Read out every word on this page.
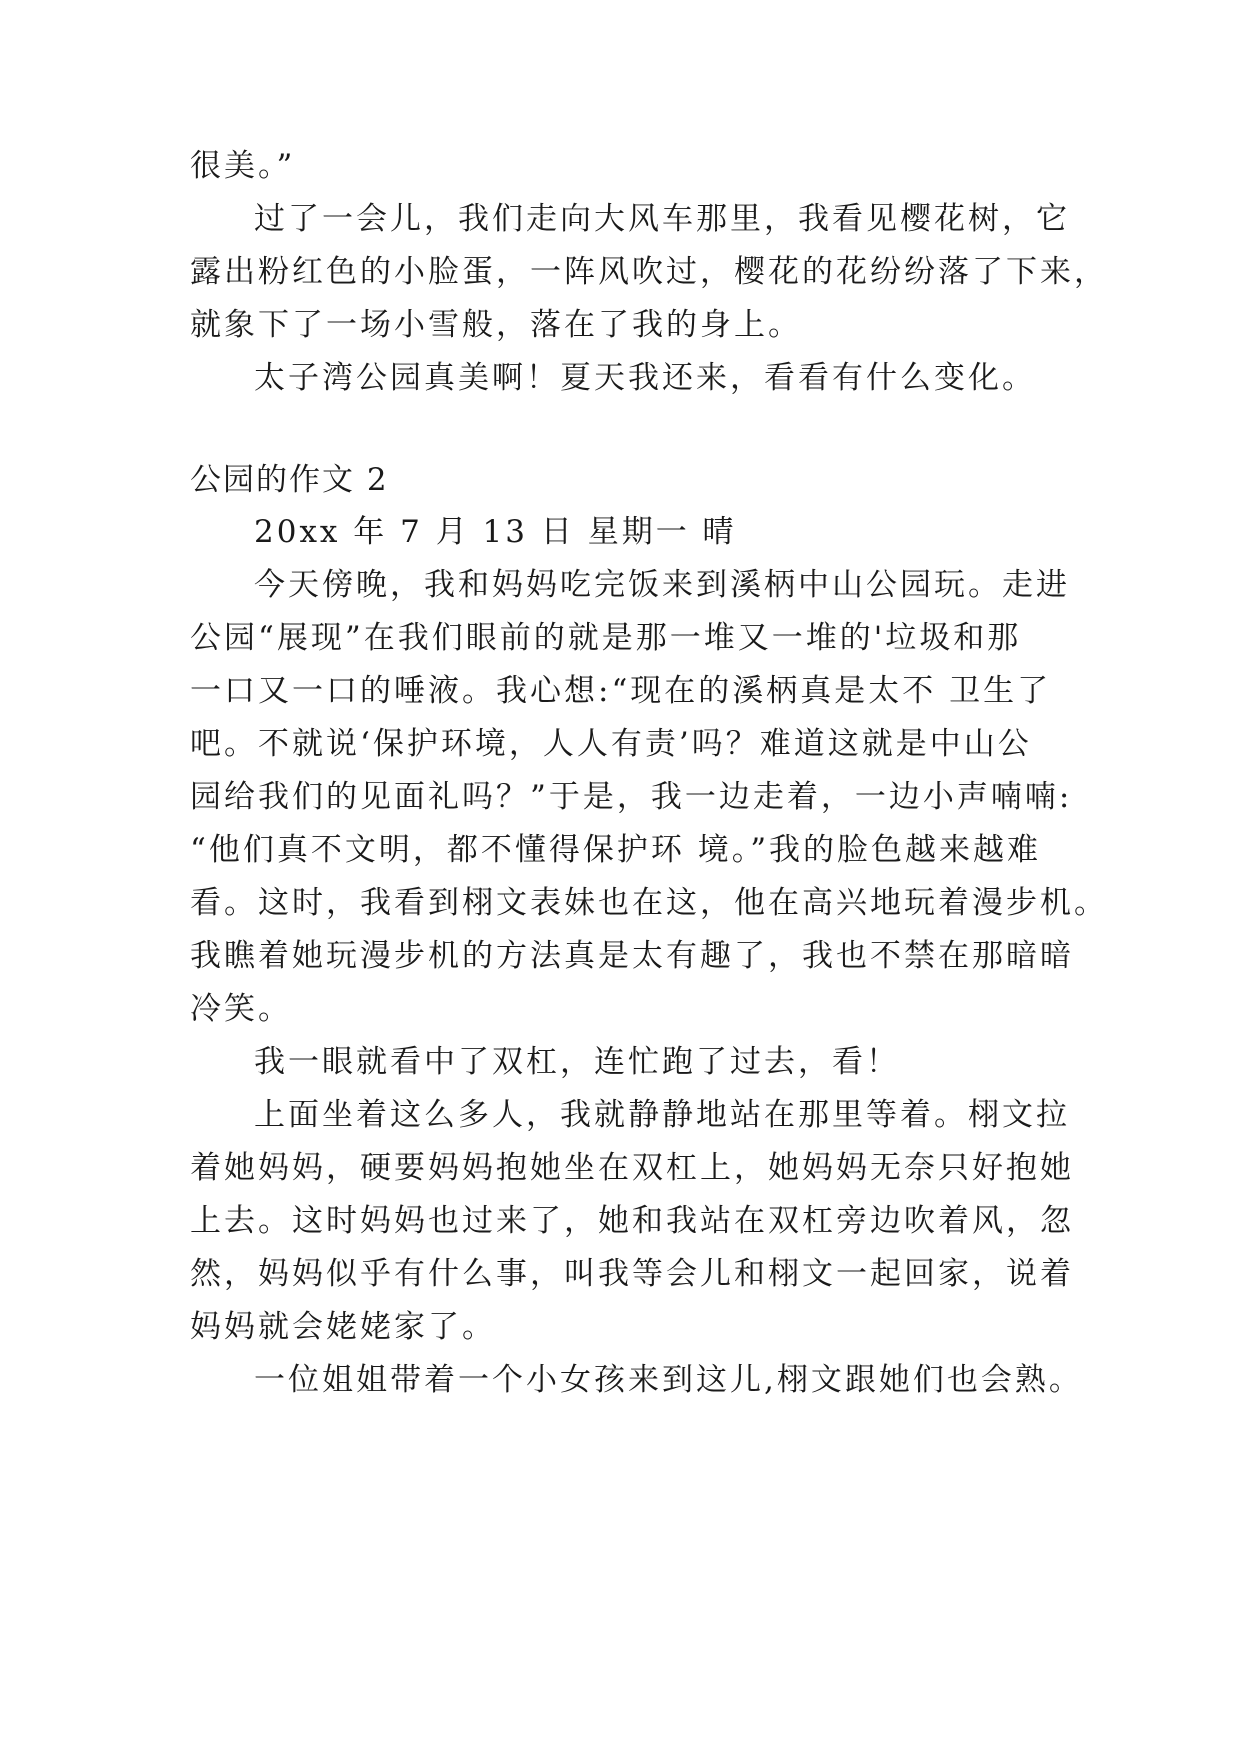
很美。”
过了一会儿，我们走向大风车那里，我看见樱花树，它
露出粉红色的小脸蛋，一阵风吹过，樱花的花纷纷落了下来，
就象下了一场小雪般，落在了我的身上。
太子湾公园真美啊！夏天我还来，看看有什么变化。
公园的作文 2
20xx 年 7 月 13 日 星期一 晴
今天傍晚，我和妈妈吃完饭来到溪柄中山公园玩。走进
公园“展现”在我们眼前的就是那一堆又一堆的'垃圾和那
一口又一口的唾液。我心想:“现在的溪柄真是太不 卫生了
吧。不就说‘保护环境，人人有责’吗？难道这就是中山公
园给我们的见面礼吗？”于是，我一边走着，一边小声喃喃:
“他们真不文明，都不懂得保护环 境。”我的脸色越来越难
看。这时，我看到栩文表妹也在这，他在高兴地玩着漫步机。
我瞧着她玩漫步机的方法真是太有趣了，我也不禁在那暗暗
冷笑。
我一眼就看中了双杠，连忙跑了过去，看！
上面坐着这么多人，我就静静地站在那里等着。栩文拉
着她妈妈，硬要妈妈抱她坐在双杠上，她妈妈无奈只好抱她
上去。这时妈妈也过来了，她和我站在双杠旁边吹着风，忽
然，妈妈似乎有什么事，叫我等会儿和栩文一起回家，说着
妈妈就会姥姥家了。
一位姐姐带着一个小女孩来到这儿,栩文跟她们也会熟。
